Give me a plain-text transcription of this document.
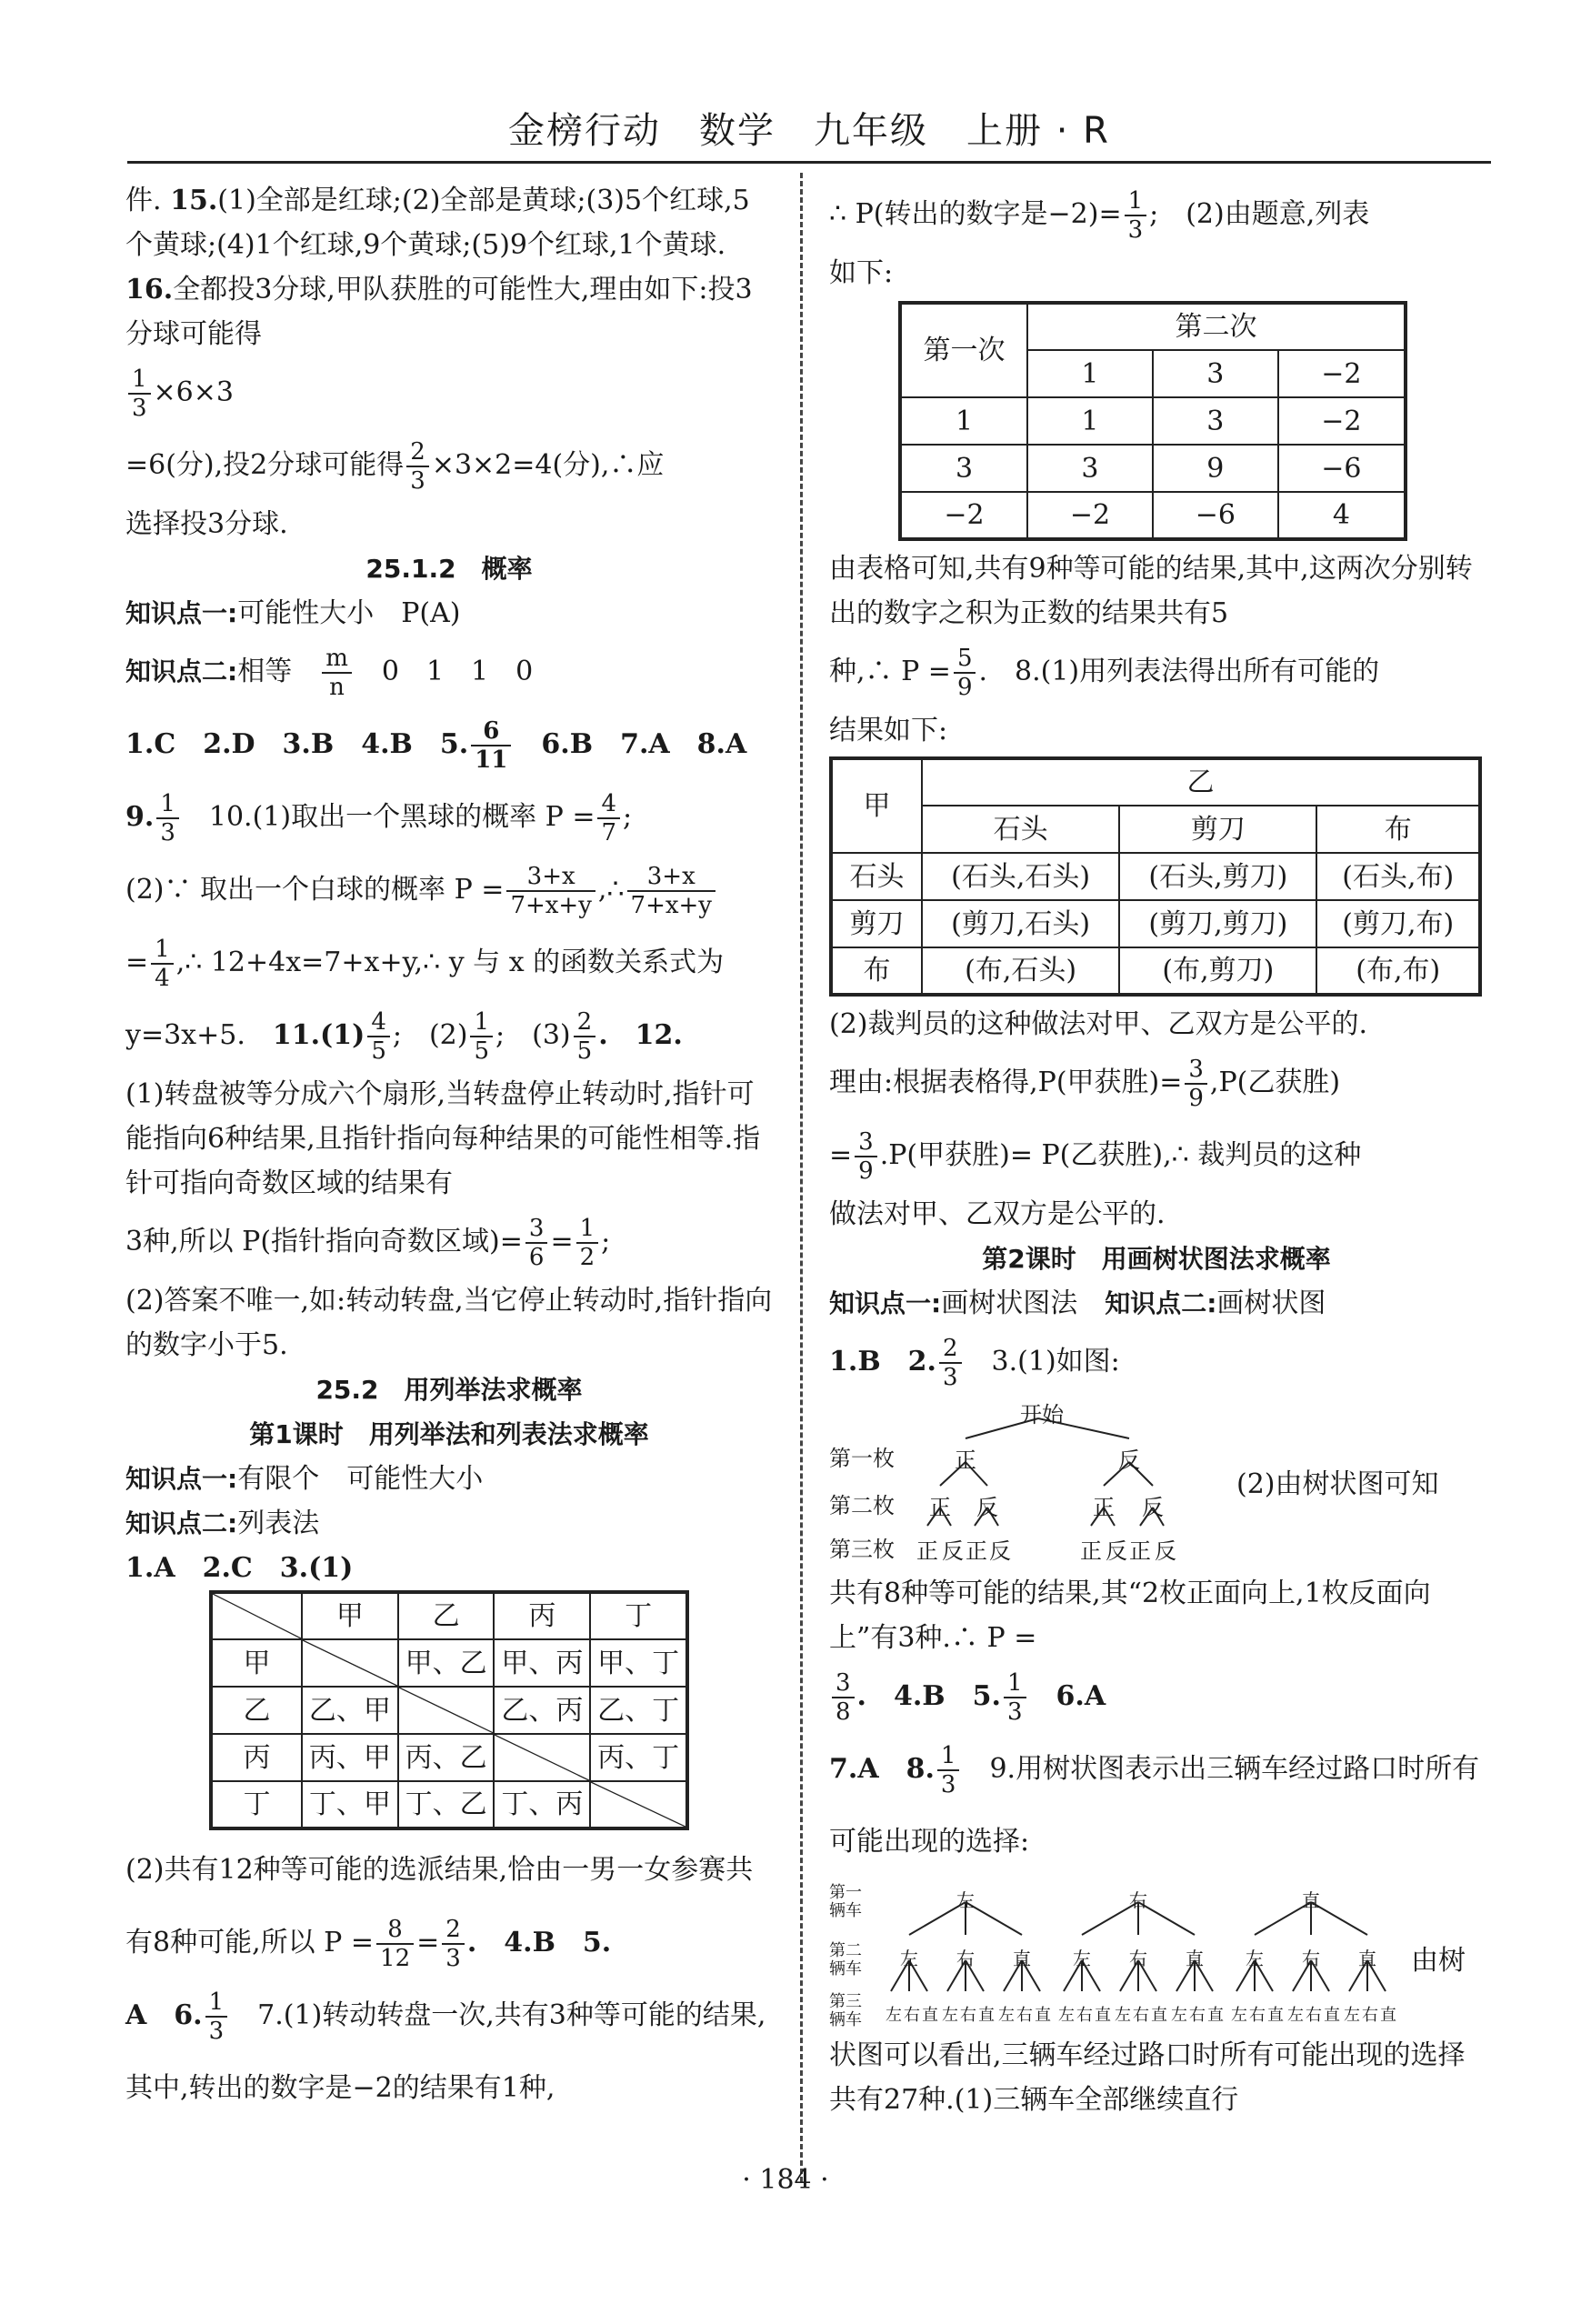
金榜行动　数学　九年级　上册 · R

件. 15.(1)全部是红球;(2)全部是黄球;(3)5个红球,5个黄球;(4)1个红球,9个黄球;(5)9个红球,1个黄球. 16.全都投3分球,甲队获胜的可能性大,理由如下:投3分球可能得

$\frac{1}{3} \times 6\times 3$

=6(分),投2分球可能得 $\frac{2}{3} \times 3\times 2=4$(分),∴应

选择投3分球.

25.1.2　概率

知识点一:可能性大小　P(A)

知识点二:相等　 $\frac{m}{n}$
　 0　1　1　0

1.C　2.D　3.B　4.B　5. $\frac{6}{11}$
　 6.B　7.A　8.A

9. $\frac{1}{3}$
　 10.(1)取出一个黑球的概率 $P = \frac{4}{7}$ ;

(2)∵ 取出一个白球的概率 $P = \frac{3+x}{7+x+y}$ ,∴ $\frac{3+x}{7+x+y}$

= $\frac{1}{4}$ ,∴ 12+4x=7+x+y,∴ y 与 x 的函数关系式为

y=3x+5.　 $11.(1) \frac{4}{5}$ ;　$(2) \frac{1}{5}$ ;　$(3) \frac{2}{5}$ .　12.

(1)转盘被等分成六个扇形,当转盘停止转动时,指针可能指向6种结果,且指针指向每种结果的可能性相等.指针可指向奇数区域的结果有

3种,所以 P(指针指向奇数区域)= $\frac{3}{6} = \frac{1}{2}$ ;

(2)答案不唯一,如:转动转盘,当它停止转动时,指针指向的数字小于5.

25.2　用列举法求概率

第1课时　用列举法和列表法求概率

知识点一:有限个　可能性大小

知识点二:列表法

1.A　2.C　3.(1)

	甲	乙	丙	丁
甲		甲、乙	甲、丙	甲、丁
乙	乙、甲		乙、丙	乙、丁
丙	丙、甲	丙、乙		丙、丁
丁	丁、甲	丁、乙	丁、丙	

(2)共有12种等可能的选派结果,恰由一男一女参赛共有8种可能,所以 $P = \frac{8}{12} = \frac{2}{3}$ .　4.B　5.

A　6. $\frac{1}{3}$
　 7.(1)转动转盘一次,共有3种等可能的结果,其中,转出的数字是−2的结果有1种,

∴ P(转出的数字是$-2)= \frac{1}{3}$ ;　(2)由题意,列表

如下:

第一次	第二次		
	1	3	−2
1	1	3	−2
3	3	9	−6
−2	−2	−6	4

由表格可知,共有9种等可能的结果,其中,这两次分别转出的数字之积为正数的结果共有5

种,∴ $P = \frac{5}{9}$ .　8.(1)用列表法得出所有可能的

结果如下:

甲	乙		
	石头	剪刀	布
石头	(石头,石头)	(石头,剪刀)	(石头,布)
剪刀	(剪刀,石头)	(剪刀,剪刀)	(剪刀,布)
布	(布,石头)	(布,剪刀)	(布,布)

(2)裁判员的这种做法对甲、乙双方是公平的.

理由:根据表格得,P(甲获胜)= $\frac{3}{9} ,P$(乙获胜)

= $\frac{3}{9} .P$(甲获胜)= P(乙获胜),∴ 裁判员的这种

做法对甲、乙双方是公平的.

第2课时　用画树状图法求概率

知识点一:画树状图法　 知识点二:画树状图

1.B　2. $\frac{2}{3}$
　 3.(1)如图:

开始
第一枚
第二枚
第三枚
正	反
正 反	正 反
正 反 正 反	正 反 正 反
(2)由树状图可知

共有8种等可能的结果,其“2枚正面向上,1枚反面向上”有3种.∴ P =

$\frac{3}{8}$ .　4.B　5. $\frac{1}{3}$
　 6.A

7.A　8. $\frac{1}{3}$
　 9.用树状图表示出三辆车经过路口时所有可能出现的选择:

第一辆车
第二辆车
第三辆车
左
左
左 右 直
右
左 右 直
直
左 右 直
右
左
左 右 直
右
左 右 直
直
左 右 直
直
左
左 右 直
右
左 右 直
直
左 右 直
由树

状图可以看出,三辆车经过路口时所有可能出现的选择共有27种.(1)三辆车全部继续直行

· 184 ·
